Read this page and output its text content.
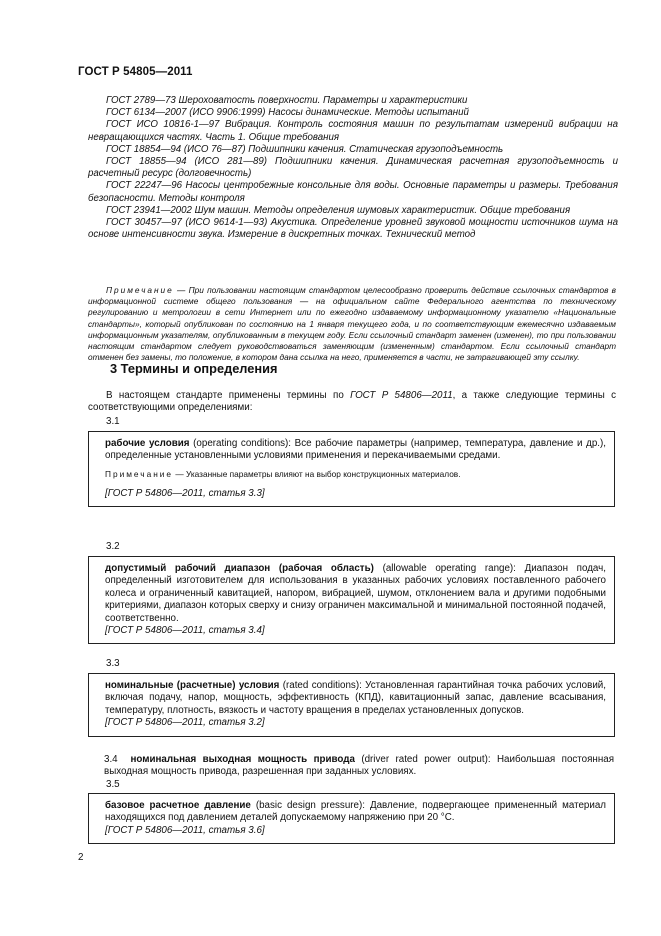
ГОСТ Р 54805—2011

ГОСТ 2789—73 Шероховатость поверхности. Параметры и характеристики

ГОСТ 6134—2007 (ИСО 9906:1999) Насосы динамические. Методы испытаний

ГОСТ ИСО 10816-1—97 Вибрация. Контроль состояния машин по результатам измерений вибрации на невращающихся частях. Часть 1. Общие требования

ГОСТ 18854—94 (ИСО 76—87) Подшипники качения. Статическая грузоподъемность

ГОСТ 18855—94 (ИСО 281—89) Подшипники качения. Динамическая расчетная грузоподъемность и расчетный ресурс (долговечность)

ГОСТ 22247—96 Насосы центробежные консольные для воды. Основные параметры и размеры. Требования безопасности. Методы контроля

ГОСТ 23941—2002 Шум машин. Методы определения шумовых характеристик. Общие требования

ГОСТ 30457—97 (ИСО 9614-1—93) Акустика. Определение уровней звуковой мощности источников шума на основе интенсивности звука. Измерение в дискретных точках. Технический метод

Примечание — При пользовании настоящим стандартом целесообразно проверить действие ссылочных стандартов в информационной системе общего пользования — на официальном сайте Федерального агентства по техническому регулированию и метрологии в сети Интернет или по ежегодно издаваемому информационному указателю «Национальные стандарты», который опубликован по состоянию на 1 января текущего года, и по соответствующим ежемесячно издаваемым информационным указателям, опубликованным в текущем году. Если ссылочный стандарт заменен (изменен), то при пользовании настоящим стандартом следует руководствоваться заменяющим (измененным) стандартом. Если ссылочный стандарт отменен без замены, то положение, в котором дана ссылка на него, применяется в части, не затрагивающей эту ссылку.
3 Термины и определения
В настоящем стандарте применены термины по ГОСТ Р 54806—2011, а также следующие термины с соответствующими определениями:
3.1

рабочие условия (operating conditions): Все рабочие параметры (например, температура, давление и др.), определенные установленными условиями применения и перекачиваемыми средами.

Примечание — Указанные параметры влияют на выбор конструкционных материалов.

[ГОСТ Р 54806—2011, статья 3.3]

3.2

допустимый рабочий диапазон (рабочая область) (allowable operating range): Диапазон подач, определенный изготовителем для использования в указанных рабочих условиях поставленного рабочего колеса и ограниченный кавитацией, напором, вибрацией, шумом, отклонением вала и другими подобными критериями, диапазон которых сверху и снизу ограничен максимальной и минимальной постоянной подачей, соответственно.

[ГОСТ Р 54806—2011, статья 3.4]

3.3

номинальные (расчетные) условия (rated conditions): Установленная гарантийная точка рабочих условий, включая подачу, напор, мощность, эффективность (КПД), кавитационный запас, давление всасывания, температуру, плотность, вязкость и частоту вращения в пределах установленных допусков.

[ГОСТ Р 54806—2011, статья 3.2]

3.4 номинальная выходная мощность привода (driver rated power output): Наибольшая постоянная выходная мощность привода, разрешенная при заданных условиях.
3.5

базовое расчетное давление (basic design pressure): Давление, подвергающее примененный материал находящихся под давлением деталей допускаемому напряжению при 20 °С.

[ГОСТ Р 54806—2011, статья 3.6]

2
